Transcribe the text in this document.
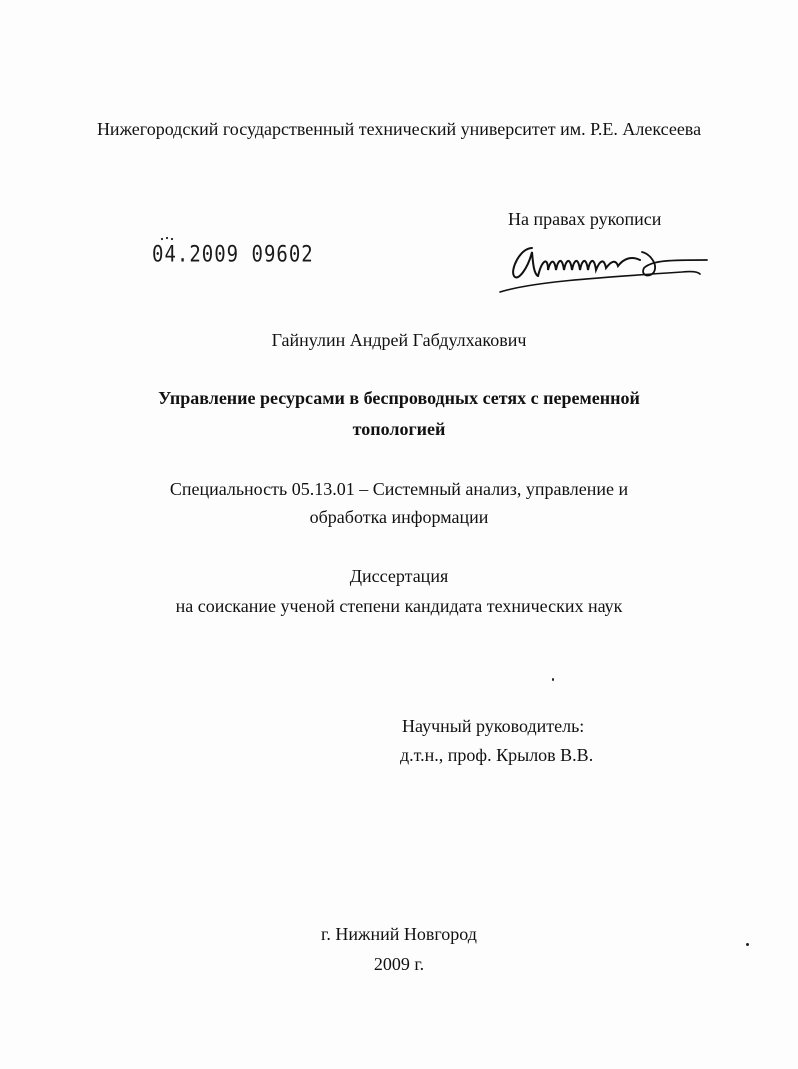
Нижегородский государственный технический университет им. Р.Е. Алексеева
На правах рукописи
04.2009 09602
Гайнулин Андрей Габдулхакович
Управление ресурсами в беспроводных сетях с переменной
топологией
Специальность 05.13.01 – Системный анализ, управление и
обработка информации
Диссертация
на соискание ученой степени кандидата технических наук
Научный руководитель:
д.т.н., проф. Крылов В.В.
г. Нижний Новгород
2009 г.
